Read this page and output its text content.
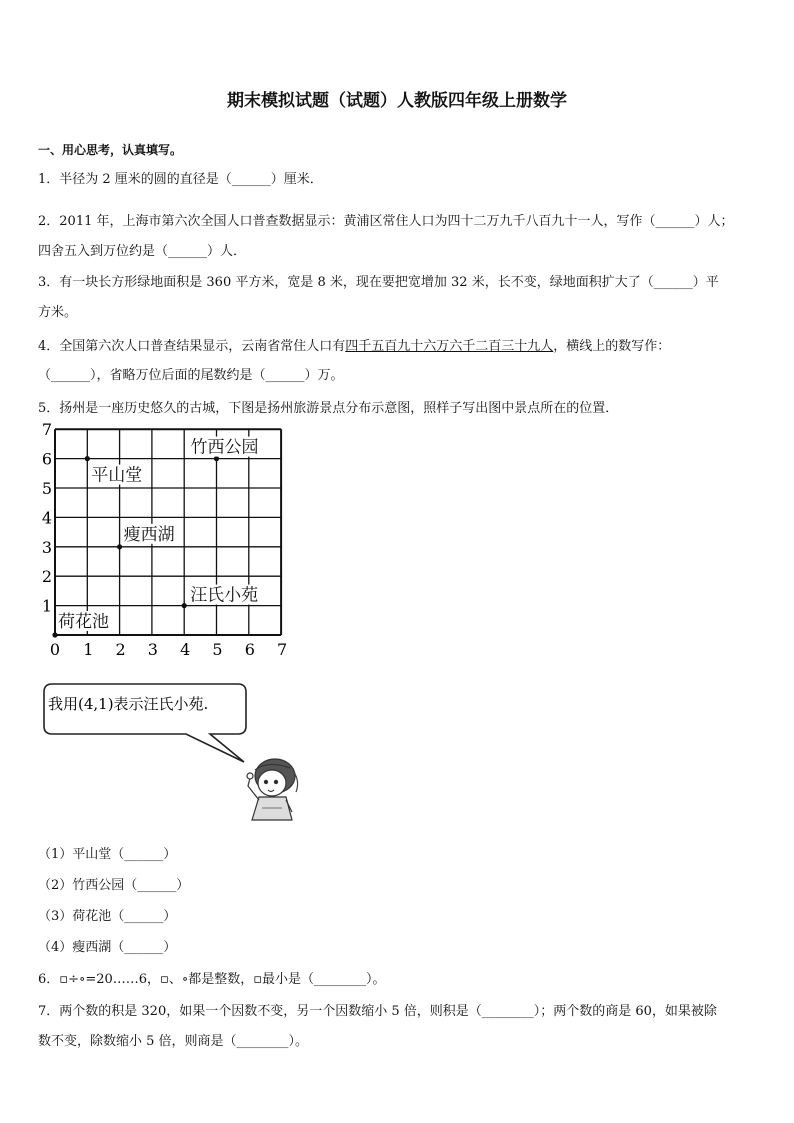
期末模拟试题（试题）人教版四年级上册数学
一、用心思考，认真填写。
1．半径为 2 厘米的圆的直径是（______）厘米．
2．2011 年，上海市第六次全国人口普查数据显示：黄浦区常住人口为四十二万九千八百九十一人，写作（______）人；
四舍五入到万位约是（______）人．
3．有一块长方形绿地面积是 360 平方米，宽是 8 米，现在要把宽增加 32 米，长不变，绿地面积扩大了（______）平
方米。
4．全国第六次人口普查结果显示，云南省常住人口有四千五百九十六万六千二百三十九人，横线上的数写作：
（______），省略万位后面的尾数约是（______）万。
5．扬州是一座历史悠久的古城，下图是扬州旅游景点分布示意图，照样子写出图中景点所在的位置．
0 1 2 3 4 5 6 7
1
2
3
4
5
6
7
竹西公园
平山堂
瘦西湖
汪氏小苑
荷花池
我用(4,1)表示汪氏小苑.
（1）平山堂（______）
（2）竹西公园（______）
（3）荷花池（______）
（4）瘦西湖（______）
6．▫÷∘=20……6，▫、∘都是整数，▫最小是（________）。
7．两个数的积是 320，如果一个因数不变，另一个因数缩小 5 倍，则积是（________）；两个数的商是 60，如果被除
数不变，除数缩小 5 倍，则商是（________）。
